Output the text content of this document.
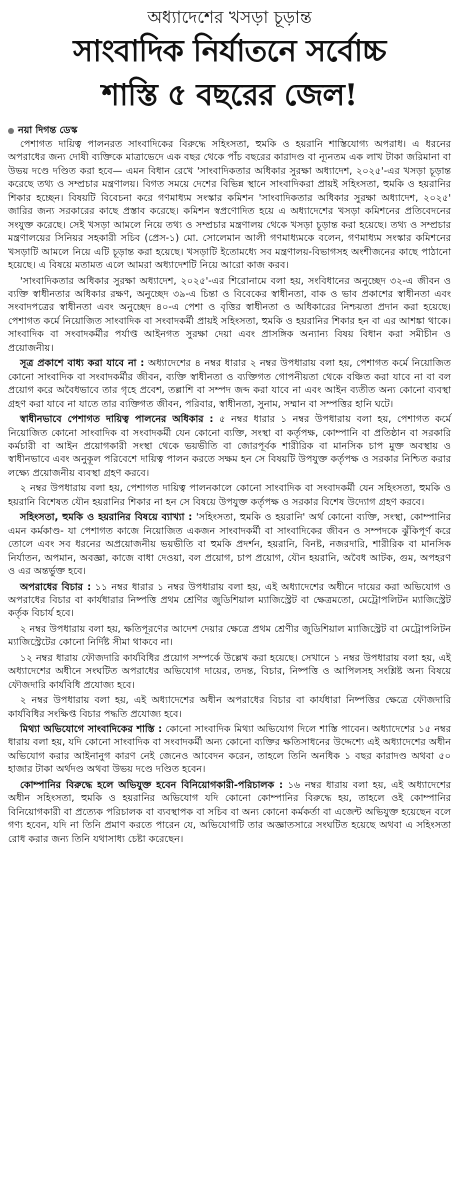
অধ্যাদেশের খসড়া চূড়ান্ত
সাংবাদিক নির্যাতনে সর্বোচ্চ
শাস্তি ৫ বছরের জেল!
নয়া দিগন্ত ডেস্ক

পেশাগত দায়িত্ব পালনরত সাংবাদিকের বিরুদ্ধে সহিংসতা, হুমকি ও হয়রানি শাস্তিযোগ্য অপরাধ। এ ধরনের অপরাধের জন্য দোষী ব্যক্তিকে মাত্রাভেদে এক বছর থেকে পাঁচ বছরের কারাদণ্ড বা ন্যূনতম এক লাখ টাকা জরিমানা বা উভয় দণ্ডে দণ্ডিত করা হবে— এমন বিধান রেখে 'সাংবাদিকতার অধিকার সুরক্ষা অধ্যাদেশ, ২০২৫'-এর খসড়া চূড়ান্ত করেছে তথ্য ও সম্প্রচার মন্ত্রণালয়। বিগত সময়ে দেশের বিভিন্ন স্থানে সাংবাদিকরা প্রায়ই সহিংসতা, হুমকি ও হয়রানির শিকার হচ্ছেন। বিষয়টি বিবেচনা করে গণমাধ্যম সংস্কার কমিশন 'সাংবাদিকতার অধিকার সুরক্ষা অধ্যাদেশ, ২০২৫' জারির জন্য সরকারের কাছে প্রস্তাব করেছে। কমিশন স্বপ্রণোদিত হয়ে এ অধ্যাদেশের খসড়া কমিশনের প্রতিবেদনের সংযুক্ত করেছে। সেই খসড়া আমলে নিয়ে তথ্য ও সম্প্রচার মন্ত্রণালয় থেকে খসড়া চূড়ান্ত করা হয়েছে। তথ্য ও সম্প্রচার মন্ত্রণালয়ের সিনিয়র সহকারী সচিব (প্রেস-১) মো. সোলেমান আলী গণমাধ্যমকে বলেন, গণমাধ্যম সংস্কার কমিশনের খসড়াটি আমলে নিয়ে এটি চূড়ান্ত করা হয়েছে। খসড়াটি ইতোমধ্যে সব মন্ত্রণালয়-বিভাগসহ অংশীজনের কাছে পাঠানো হয়েছে। এ বিষয়ে মতামত এলে আমরা অধ্যাদেশটি নিয়ে আরো কাজ করব।

'সাংবাদিকতার অধিকার সুরক্ষা অধ্যাদেশ, ২০২৫'-এর শিরোনামে বলা হয়, সংবিধানের অনুচ্ছেদ ৩২-এ জীবন ও ব্যক্তি স্বাধীনতার অধিকার রক্ষণ, অনুচ্ছেদ ৩৯-এ চিন্তা ও বিবেকের স্বাধীনতা, বাক ও ভাব প্রকাশের স্বাধীনতা এবং সংবাদপত্রের স্বাধীনতা এবং অনুচ্ছেদ ৪০-এ পেশা ও বৃত্তির স্বাধীনতা ও অধিকারের নিশ্চয়তা প্রদান করা হয়েছে। পেশাগত কর্মে নিয়োজিত সাংবাদিক বা সংবাদকর্মী প্রায়ই সহিংসতা, হুমকি ও হয়রানির শিকার হন বা এর আশঙ্কা থাকে। সাংবাদিক বা সংবাদকর্মীর পর্যাপ্ত আইনগত সুরক্ষা দেয়া এবং প্রাসঙ্গিক অন্যান্য বিষয় বিধান করা সমীচীন ও প্রয়োজনীয়।

সূত্র প্রকাশে বাধ্য করা যাবে না : অধ্যাদেশের ৪ নম্বর ধারার ২ নম্বর উপধারায় বলা হয়, পেশাগত কর্মে নিয়োজিত কোনো সাংবাদিক বা সংবাদকর্মীর জীবন, ব্যক্তি স্বাধীনতা ও ব্যক্তিগত গোপনীয়তা থেকে বঞ্চিত করা যাবে না বা বল প্রয়োগ করে অবৈধভাবে তার গৃহে প্রবেশ, তল্লাশি বা সম্পদ জব্দ করা যাবে না এবং আইন ব্যতীত অন্য কোনো ব্যবস্থা গ্রহণ করা যাবে না যাতে তার ব্যক্তিগত জীবন, পরিবার, স্বাধীনতা, সুনাম, সম্মান বা সম্পত্তির হানি ঘটে।

স্বাধীনভাবে পেশাগত দায়িত্ব পালনের অধিকার : ৫ নম্বর ধারার ১ নম্বর উপধারায় বলা হয়, পেশাগত কর্মে নিয়োজিত কোনো সাংবাদিক বা সংবাদকর্মী যেন কোনো ব্যক্তি, সংস্থা বা কর্তৃপক্ষ, কোম্পানি বা প্রতিষ্ঠান বা সরকারি কর্মচারী বা আইন প্রয়োগকারী সংস্থা থেকে ভয়ভীতি বা জোরপূর্বক শারীরিক বা মানসিক চাপ মুক্ত অবস্থায় ও স্বাধীনভাবে এবং অনুকূল পরিবেশে দায়িত্ব পালন করতে সক্ষম হন সে বিষয়টি উপযুক্ত কর্তৃপক্ষ ও সরকার নিশ্চিত করার লক্ষ্যে প্রয়োজনীয় ব্যবস্থা গ্রহণ করবে।

২ নম্বর উপধারায় বলা হয়, পেশাগত দায়িত্ব পালনকালে কোনো সাংবাদিক বা সংবাদকর্মী যেন সহিংসতা, হুমকি ও হয়রানি বিশেষত যৌন হয়রানির শিকার না হন সে বিষয়ে উপযুক্ত কর্তৃপক্ষ ও সরকার বিশেষ উদ্যোগ গ্রহণ করবে।

সহিংসতা, হুমকি ও হয়রানির বিষয়ে ব্যাখ্যা : 'সহিংসতা, হুমকি ও হয়রানি' অর্থ কোনো ব্যক্তি, সংস্থা, কোম্পানির এমন কর্মকাণ্ড- যা পেশাগত কাজে নিয়োজিত একজন সাংবাদকর্মী বা সাংবাদিকের জীবন ও সম্পদকে ঝুঁকিপূর্ণ করে তোলে এবং সব ধরনের অপ্রয়োজনীয় ভয়ভীতি বা হুমকি প্রদর্শন, হয়রানি, বিনষ্ট, নজরদারি, শারীরিক বা মানসিক নির্যাতন, অপমান, অবজ্ঞা, কাজে বাধা দেওয়া, বল প্রয়োগ, চাপ প্রয়োগ, যৌন হয়রানি, অবৈধ আটক, গুম, অপহরণ ও এর অন্তর্ভুক্ত হবে।

অপরাধের বিচার : ১১ নম্বর ধারার ১ নম্বর উপধারায় বলা হয়, এই অধ্যাদেশের অধীনে দায়ের করা অভিযোগ ও অপরাধের বিচার বা কার্যধারার নিষ্পত্তি প্রথম শ্রেণির জুডিশিয়াল ম্যাজিস্ট্রেট বা ক্ষেত্রমতো, মেট্রোপলিটন ম্যাজিস্ট্রেট কর্তৃক বিচার্য হবে।

২ নম্বর উপধারায় বলা হয়, ক্ষতিপূরণের আদেশ দেয়ার ক্ষেত্রে প্রথম শ্রেণীর জুডিশিয়াল ম্যাজিস্ট্রেট বা মেট্রোপলিটন ম্যাজিস্ট্রেটের কোনো নির্দিষ্ট সীমা থাকবে না।

১২ নম্বর ধারায় ফৌজদারি কার্যবিধির প্রয়োগ সম্পর্কে উল্লেখ করা হয়েছে। সেখানে ১ নম্বর উপধারায় বলা হয়, এই অধ্যাদেশের অধীনে সংঘটিত অপরাধের অভিযোগ দায়ের, তদন্ত, বিচার, নিষ্পত্তি ও আপিলসহ সংশ্লিষ্ট অন্য বিষয়ে ফৌজদারি কার্যবিধি প্রযোজ্য হবে।

২ নম্বর উপধারায় বলা হয়, এই অধ্যাদেশের অধীন অপরাধের বিচার বা কার্যধারা নিষ্পত্তির ক্ষেত্রে ফৌজদারি কার্যবিধির সংক্ষিপ্ত বিচার পদ্ধতি প্রযোজ্য হবে।

মিথ্যা অভিযোগে সাংবাদিকের শাস্তি : কোনো সাংবাদিক মিথ্যা অভিযোগ দিলে শাস্তি পাবেন। অধ্যাদেশের ১৫ নম্বর ধারায় বলা হয়, যদি কোনো সাংবাদিক বা সংবাদকর্মী অন্য কোনো ব্যক্তির ক্ষতিসাধনের উদ্দেশ্যে এই অধ্যাদেশের অধীন অভিযোগ করার আইনানুগ কারণ নেই জেনেও আবেদন করেন, তাহলে তিনি অনধিক ১ বছর কারাদণ্ড অথবা ৫০ হাজার টাকা অর্থদণ্ড অথবা উভয় দণ্ডে দণ্ডিত হবেন।

কোম্পানির বিরুদ্ধে হলে অভিযুক্ত হবেন বিনিয়োগকারী-পরিচালক : ১৬ নম্বর ধারায় বলা হয়, এই অধ্যাদেশের অধীন সহিংসতা, হুমকি ও হয়রানির অভিযোগ যদি কোনো কোম্পানির বিরুদ্ধে হয়, তাহলে ওই কোম্পানির বিনিয়োগকারী বা প্রত্যেক পরিচালক বা ব্যবস্থাপক বা সচিব বা অন্য কোনো কর্মকর্তা বা এজেন্ট অভিযুক্ত হয়েছেন বলে গণ্য হবেন, যদি না তিনি প্রমাণ করতে পারেন যে, অভিযোগটি তার অজ্ঞাতসারে সংঘটিত হয়েছে অথবা এ সহিংসতা রোধ করার জন্য তিনি যথাসাধ্য চেষ্টা করেছেন।
